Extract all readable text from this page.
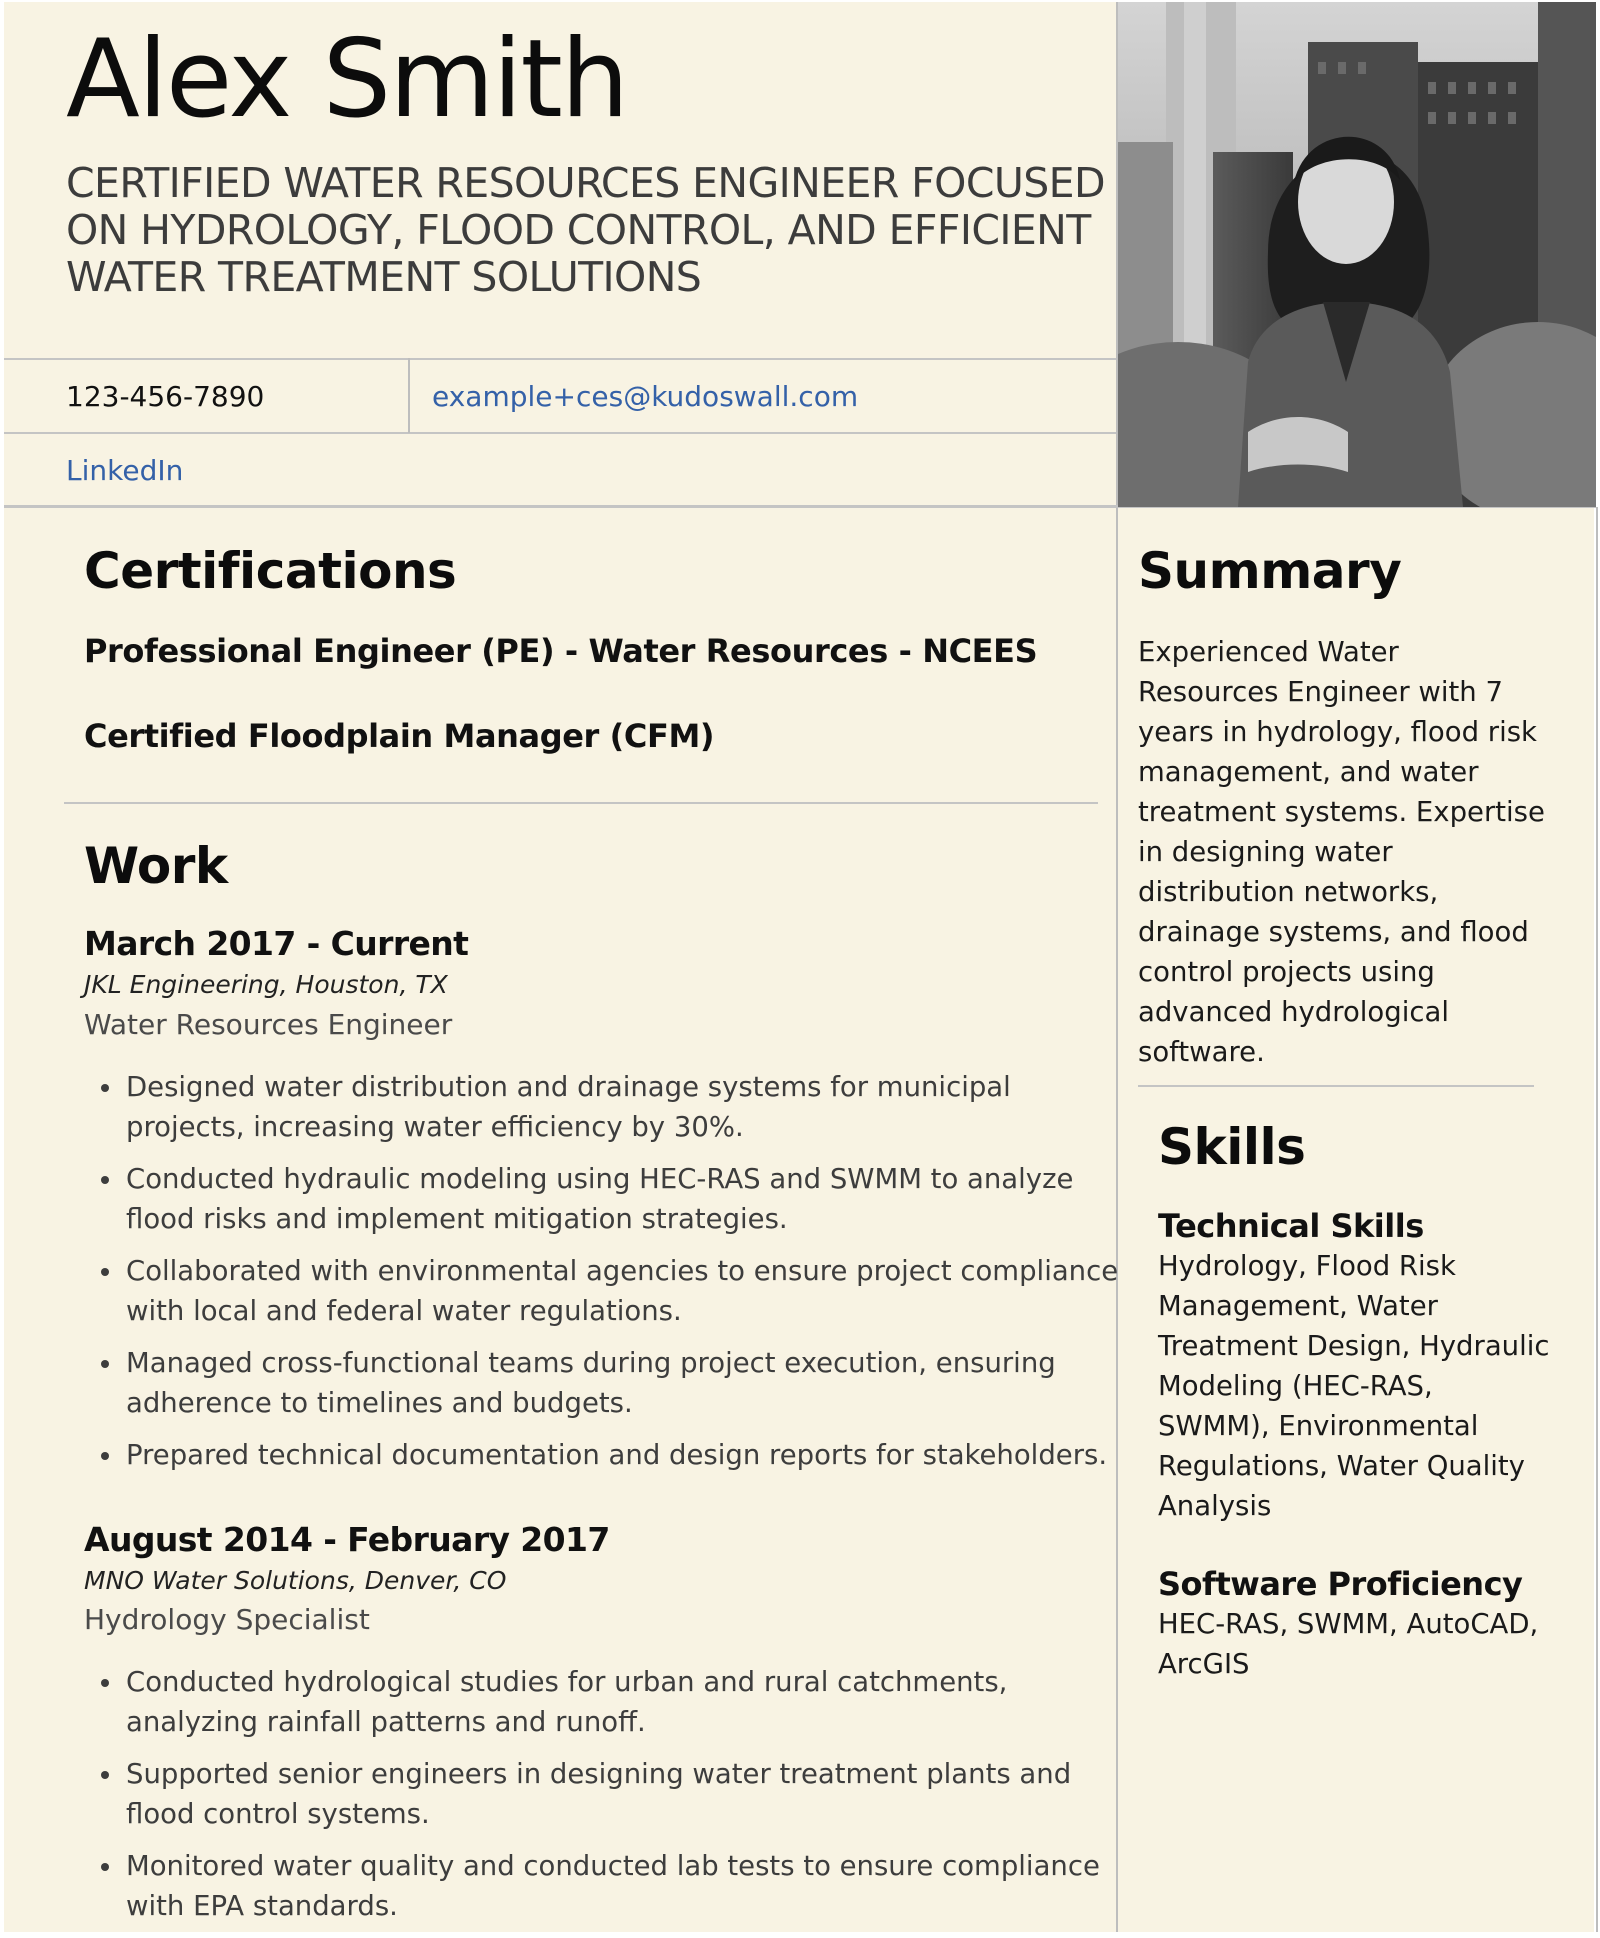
Alex Smith

CERTIFIED WATER RESOURCES ENGINEER FOCUSED ON HYDROLOGY, FLOOD CONTROL, AND EFFICIENT WATER TREATMENT SOLUTIONS

123-456-7890	example+ces@kudoswall.com
LinkedIn
Certifications

Professional Engineer (PE) - Water Resources - NCEES

Certified Floodplain Manager (CFM)

Work

March 2017 - Current

JKL Engineering, Houston, TX

Water Resources Engineer

• Designed water distribution and drainage systems for municipal projects, increasing water efficiency by 30%.
• Conducted hydraulic modeling using HEC-RAS and SWMM to analyze flood risks and implement mitigation strategies.
• Collaborated with environmental agencies to ensure project compliance with local and federal water regulations.
• Managed cross-functional teams during project execution, ensuring adherence to timelines and budgets.
• Prepared technical documentation and design reports for stakeholders.

August 2014 - February 2017

MNO Water Solutions, Denver, CO

Hydrology Specialist

• Conducted hydrological studies for urban and rural catchments, analyzing rainfall patterns and runoff.
• Supported senior engineers in designing water treatment plants and flood control systems.
• Monitored water quality and conducted lab tests to ensure compliance with EPA standards.
Summary

Experienced Water Resources Engineer with 7 years in hydrology, flood risk management, and water treatment systems. Expertise in designing water distribution networks, drainage systems, and flood control projects using advanced hydrological software.

Skills

Technical Skills

Hydrology, Flood Risk Management, Water Treatment Design, Hydraulic Modeling (HEC-RAS, SWMM), Environmental Regulations, Water Quality Analysis

Software Proficiency

HEC-RAS, SWMM, AutoCAD, ArcGIS
